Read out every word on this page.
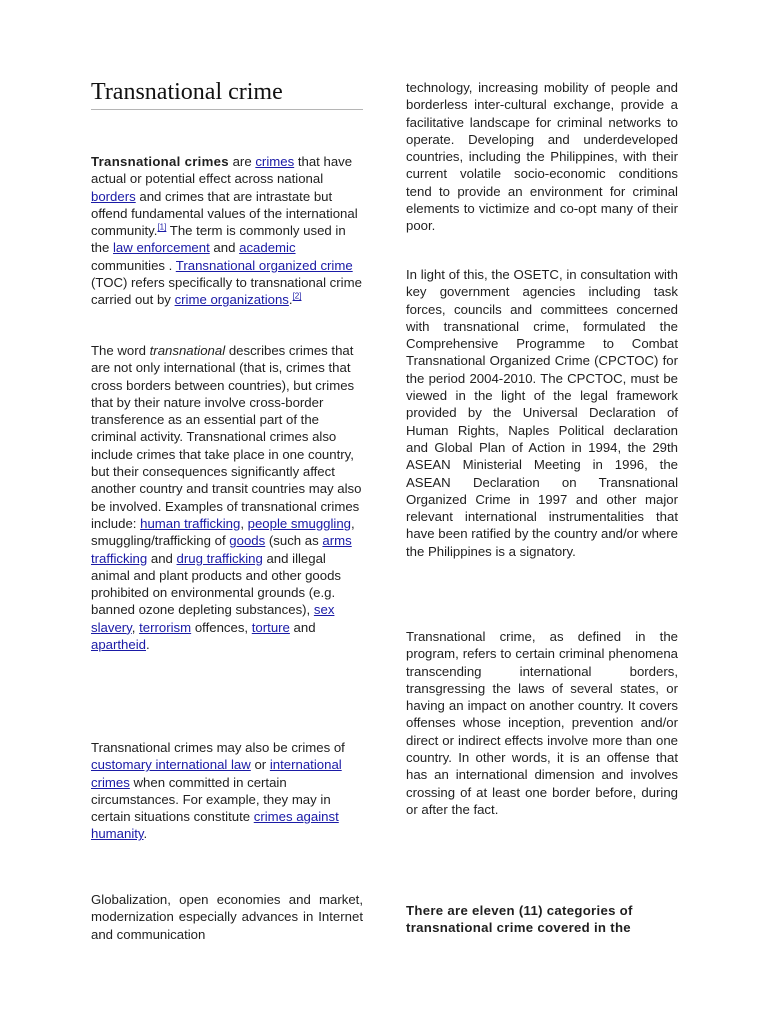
Transnational crime

Transnational crimes are crimes that have actual or potential effect across national borders and crimes that are intrastate but offend fundamental values of the international community.[1] The term is commonly used in the law enforcement and academic communities . Transnational organized crime (TOC) refers specifically to transnational crime carried out by crime organizations.[2]

The word transnational describes crimes that are not only international (that is, crimes that cross borders between countries), but crimes that by their nature involve cross-border transference as an essential part of the criminal activity. Transnational crimes also include crimes that take place in one country, but their consequences significantly affect another country and transit countries may also be involved. Examples of transnational crimes include: human trafficking, people smuggling, smuggling/trafficking of goods (such as arms trafficking and drug trafficking and illegal animal and plant products and other goods prohibited on environmental grounds (e.g. banned ozone depleting substances), sex slavery, terrorism offences, torture and apartheid.

Transnational crimes may also be crimes of customary international law or international crimes when committed in certain circumstances. For example, they may in certain situations constitute crimes against humanity.

Globalization, open economies and market, modernization especially advances in Internet and communication

technology, increasing mobility of people and borderless inter-cultural exchange, provide a facilitative landscape for criminal networks to operate. Developing and underdeveloped countries, including the Philippines, with their current volatile socio-economic conditions tend to provide an environment for criminal elements to victimize and co-opt many of their poor.

In light of this, the OSETC, in consultation with key government agencies including task forces, councils and committees concerned with transnational crime, formulated the Comprehensive Programme to Combat Transnational Organized Crime (CPCTOC) for the period 2004-2010. The CPCTOC, must be viewed in the light of the legal framework provided by the Universal Declaration of Human Rights, Naples Political declaration and Global Plan of Action in 1994, the 29th ASEAN Ministerial Meeting in 1996, the ASEAN Declaration on Transnational Organized Crime in 1997 and other major relevant international instrumentalities that have been ratified by the country and/or where the Philippines is a signatory.

Transnational crime, as defined in the program, refers to certain criminal phenomena transcending international borders, transgressing the laws of several states, or having an impact on another country. It covers offenses whose inception, prevention and/or direct or indirect effects involve more than one country. In other words, it is an offense that has an international dimension and involves crossing of at least one border before, during or after the fact.

There are eleven (11) categories of transnational crime covered in the
